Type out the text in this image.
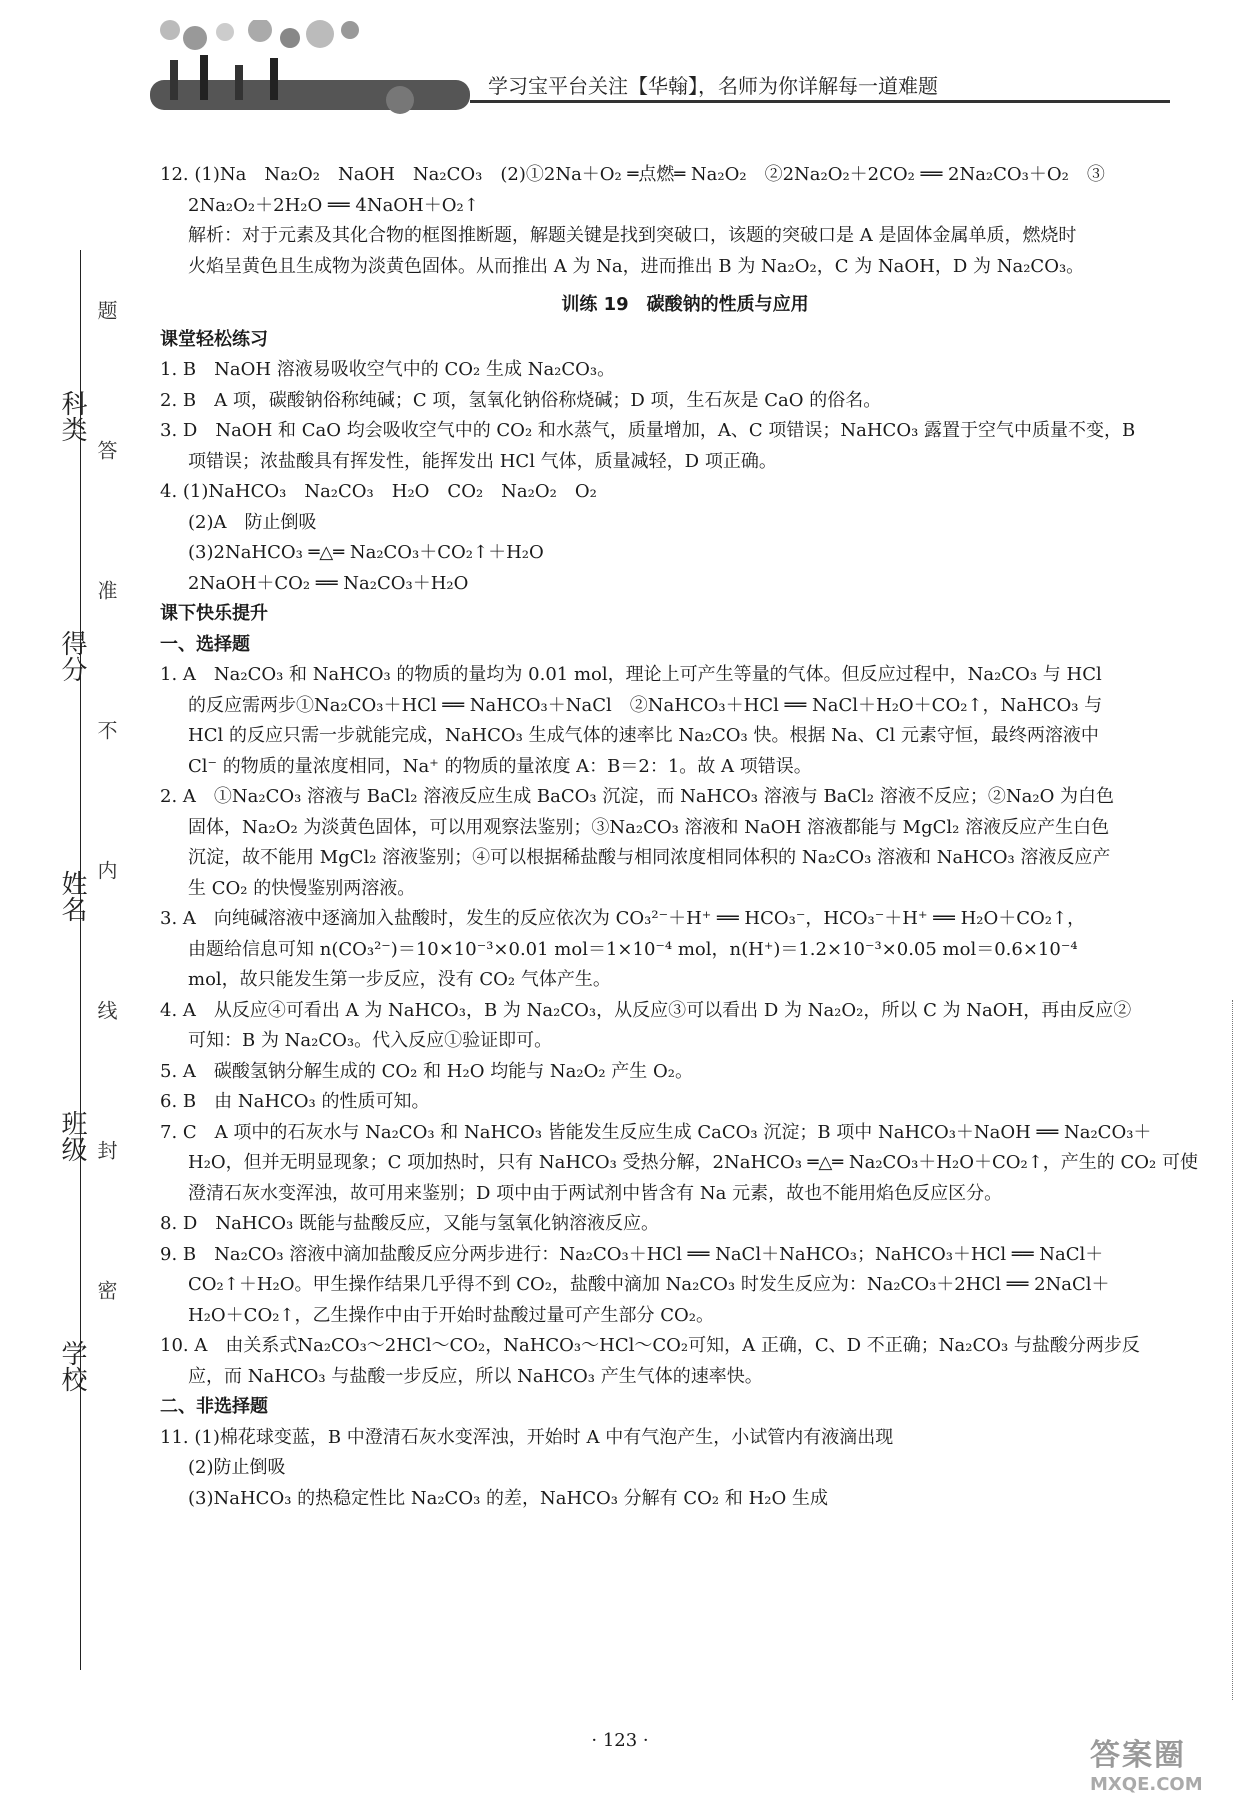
学习宝平台关注【华翰】，名师为你详解每一道难题
科类
得分
姓名
班级
学校
题
答
准
不
内
线
封
密

12. (1)Na　Na₂O₂　NaOH　Na₂CO₃　(2)①2Na＋O₂ ═点燃═ Na₂O₂　②2Na₂O₂＋2CO₂ ══ 2Na₂CO₃＋O₂　③

2Na₂O₂＋2H₂O ══ 4NaOH＋O₂↑

解析：对于元素及其化合物的框图推断题，解题关键是找到突破口，该题的突破口是 A 是固体金属单质，燃烧时

火焰呈黄色且生成物为淡黄色固体。从而推出 A 为 Na，进而推出 B 为 Na₂O₂，C 为 NaOH，D 为 Na₂CO₃。

训练 19　碳酸钠的性质与应用

课堂轻松练习

1. B　NaOH 溶液易吸收空气中的 CO₂ 生成 Na₂CO₃。

2. B　A 项，碳酸钠俗称纯碱；C 项，氢氧化钠俗称烧碱；D 项，生石灰是 CaO 的俗名。

3. D　NaOH 和 CaO 均会吸收空气中的 CO₂ 和水蒸气，质量增加，A、C 项错误；NaHCO₃ 露置于空气中质量不变，B

项错误；浓盐酸具有挥发性，能挥发出 HCl 气体，质量减轻，D 项正确。

4. (1)NaHCO₃　Na₂CO₃　H₂O　CO₂　Na₂O₂　O₂

(2)A　防止倒吸

(3)2NaHCO₃ ═△═ Na₂CO₃＋CO₂↑＋H₂O

2NaOH＋CO₂ ══ Na₂CO₃＋H₂O

课下快乐提升

一、选择题

1. A　Na₂CO₃ 和 NaHCO₃ 的物质的量均为 0.01 mol，理论上可产生等量的气体。但反应过程中，Na₂CO₃ 与 HCl

的反应需两步①Na₂CO₃＋HCl ══ NaHCO₃＋NaCl　②NaHCO₃＋HCl ══ NaCl＋H₂O＋CO₂↑，NaHCO₃ 与

HCl 的反应只需一步就能完成，NaHCO₃ 生成气体的速率比 Na₂CO₃ 快。根据 Na、Cl 元素守恒，最终两溶液中

Cl⁻ 的物质的量浓度相同，Na⁺ 的物质的量浓度 A：B＝2：1。故 A 项错误。

2. A　①Na₂CO₃ 溶液与 BaCl₂ 溶液反应生成 BaCO₃ 沉淀，而 NaHCO₃ 溶液与 BaCl₂ 溶液不反应；②Na₂O 为白色

固体，Na₂O₂ 为淡黄色固体，可以用观察法鉴别；③Na₂CO₃ 溶液和 NaOH 溶液都能与 MgCl₂ 溶液反应产生白色

沉淀，故不能用 MgCl₂ 溶液鉴别；④可以根据稀盐酸与相同浓度相同体积的 Na₂CO₃ 溶液和 NaHCO₃ 溶液反应产

生 CO₂ 的快慢鉴别两溶液。

3. A　向纯碱溶液中逐滴加入盐酸时，发生的反应依次为 CO₃²⁻＋H⁺ ══ HCO₃⁻，HCO₃⁻＋H⁺ ══ H₂O＋CO₂↑，

由题给信息可知 n(CO₃²⁻)＝10×10⁻³×0.01 mol＝1×10⁻⁴ mol，n(H⁺)＝1.2×10⁻³×0.05 mol＝0.6×10⁻⁴

mol，故只能发生第一步反应，没有 CO₂ 气体产生。

4. A　从反应④可看出 A 为 NaHCO₃，B 为 Na₂CO₃，从反应③可以看出 D 为 Na₂O₂，所以 C 为 NaOH，再由反应②

可知：B 为 Na₂CO₃。代入反应①验证即可。

5. A　碳酸氢钠分解生成的 CO₂ 和 H₂O 均能与 Na₂O₂ 产生 O₂。

6. B　由 NaHCO₃ 的性质可知。

7. C　A 项中的石灰水与 Na₂CO₃ 和 NaHCO₃ 皆能发生反应生成 CaCO₃ 沉淀；B 项中 NaHCO₃＋NaOH ══ Na₂CO₃＋

H₂O，但并无明显现象；C 项加热时，只有 NaHCO₃ 受热分解，2NaHCO₃ ═△═ Na₂CO₃＋H₂O＋CO₂↑，产生的 CO₂ 可使

澄清石灰水变浑浊，故可用来鉴别；D 项中由于两试剂中皆含有 Na 元素，故也不能用焰色反应区分。

8. D　NaHCO₃ 既能与盐酸反应，又能与氢氧化钠溶液反应。

9. B　Na₂CO₃ 溶液中滴加盐酸反应分两步进行：Na₂CO₃＋HCl ══ NaCl＋NaHCO₃；NaHCO₃＋HCl ══ NaCl＋

CO₂↑＋H₂O。甲生操作结果几乎得不到 CO₂，盐酸中滴加 Na₂CO₃ 时发生反应为：Na₂CO₃＋2HCl ══ 2NaCl＋

H₂O＋CO₂↑，乙生操作中由于开始时盐酸过量可产生部分 CO₂。

10. A　由关系式Na₂CO₃～2HCl～CO₂，NaHCO₃～HCl～CO₂可知，A 正确，C、D 不正确；Na₂CO₃ 与盐酸分两步反

应，而 NaHCO₃ 与盐酸一步反应，所以 NaHCO₃ 产生气体的速率快。

二、非选择题

11. (1)棉花球变蓝，B 中澄清石灰水变浑浊，开始时 A 中有气泡产生，小试管内有液滴出现

(2)防止倒吸

(3)NaHCO₃ 的热稳定性比 Na₂CO₃ 的差，NaHCO₃ 分解有 CO₂ 和 H₂O 生成

· 123 ·	答案圈
MXQE.COM
